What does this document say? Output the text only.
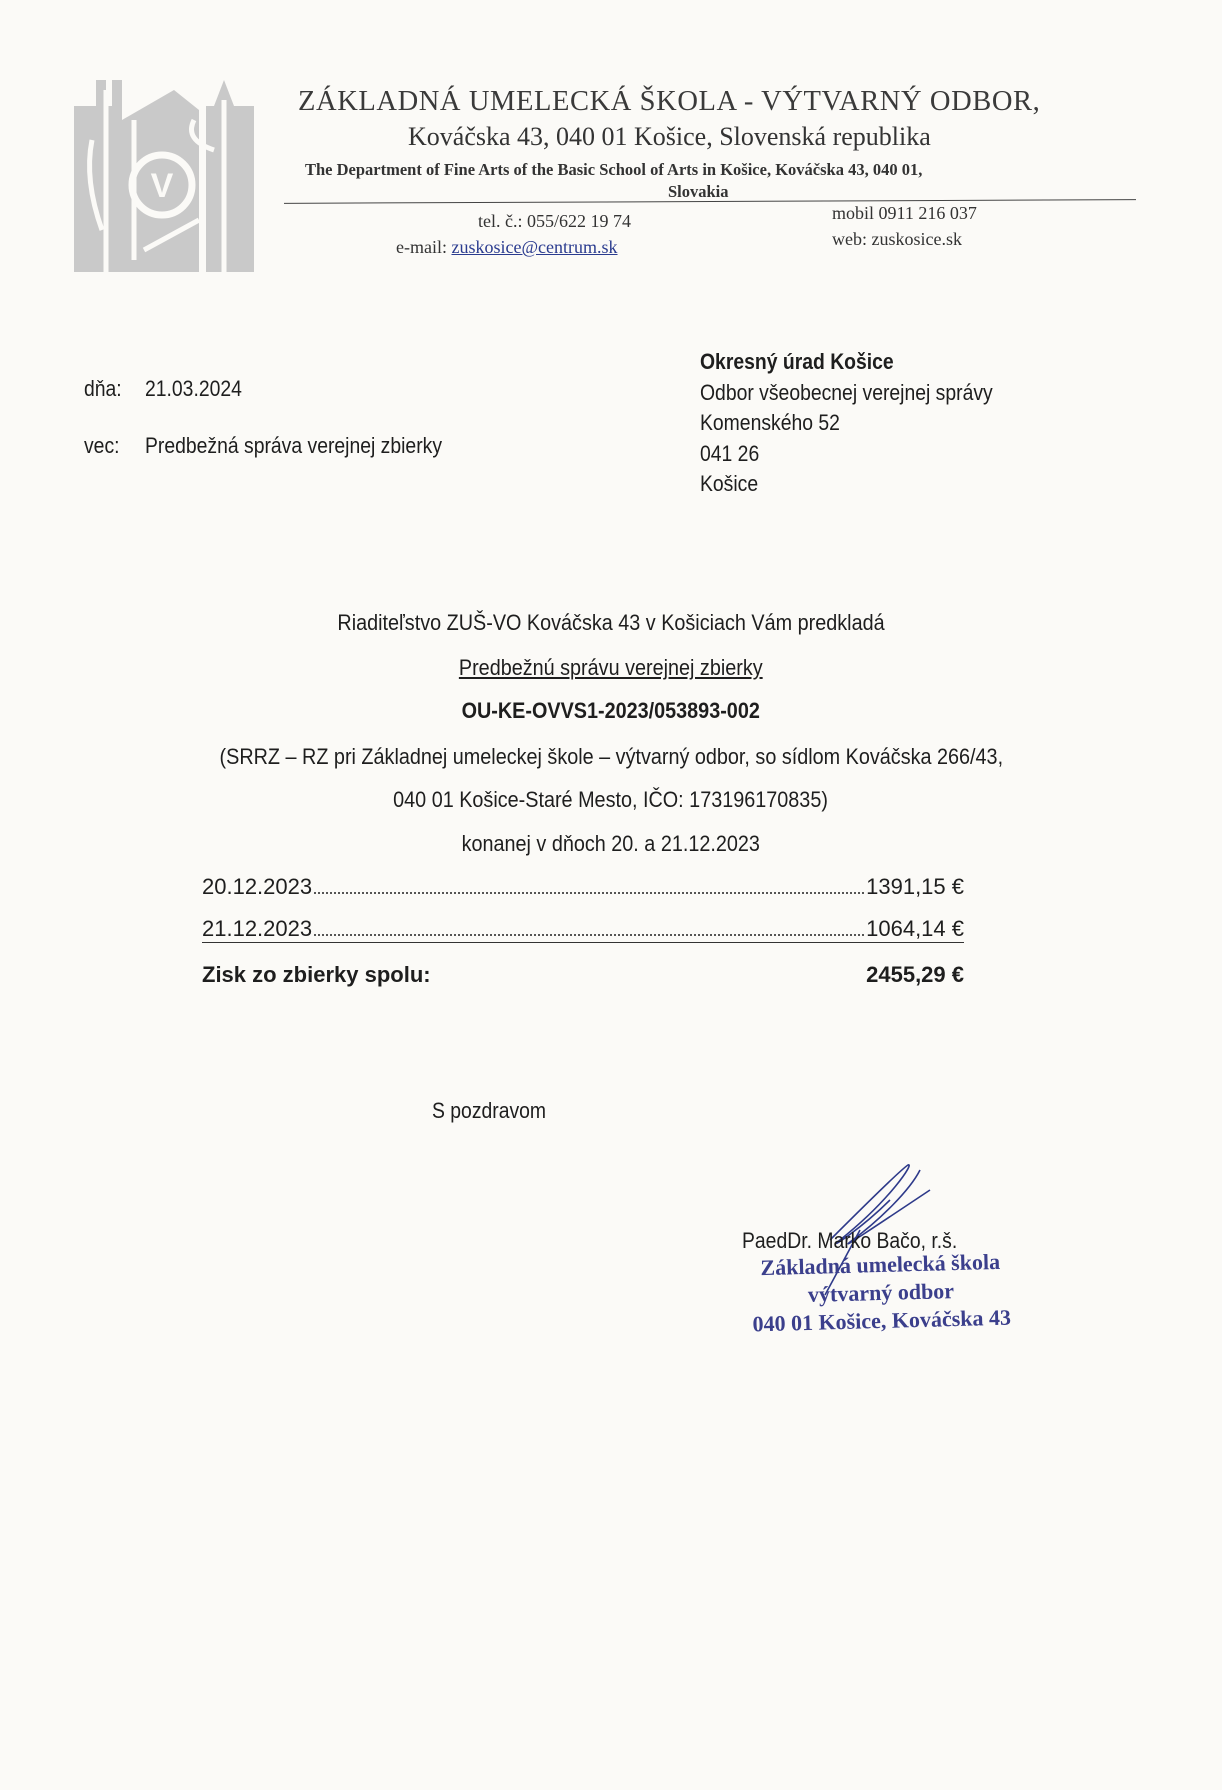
V
ZÁKLADNÁ UMELECKÁ ŠKOLA - VÝTVARNÝ ODBOR,
Kováčska 43, 040 01 Košice, Slovenská republika
The Department of Fine Arts of the Basic School of Arts in Košice, Kováčska 43, 040 01,
Slovakia
tel. č.: 055/622 19 74
e-mail: zuskosice@centrum.sk
mobil 0911 216 037
web: zuskosice.sk
dňa: 21.03.2024
vec: Predbežná správa verejnej zbierky
Okresný úrad Košice
Odbor všeobecnej verejnej správy
Komenského 52
041 26
Košice
Riaditeľstvo ZUŠ-VO Kováčska 43 v Košiciach Vám predkladá
Predbežnú správu verejnej zbierky
OU-KE-OVVS1-2023/053893-002
(SRRZ – RZ pri Základnej umeleckej škole – výtvarný odbor, so sídlom Kováčska 266/43,
040 01 Košice-Staré Mesto, IČO: 173196170835)
konanej v dňoch 20. a 21.12.2023
20.12.2023	1391,15 €
21.12.2023	1064,14 €
Zisk zo zbierky spolu:	2455,29 €
S pozdravom
PaedDr. Marko Bačo, r.š.
Základná umelecká škola
výtvarný odbor
040 01 Košice, Kováčska 43
